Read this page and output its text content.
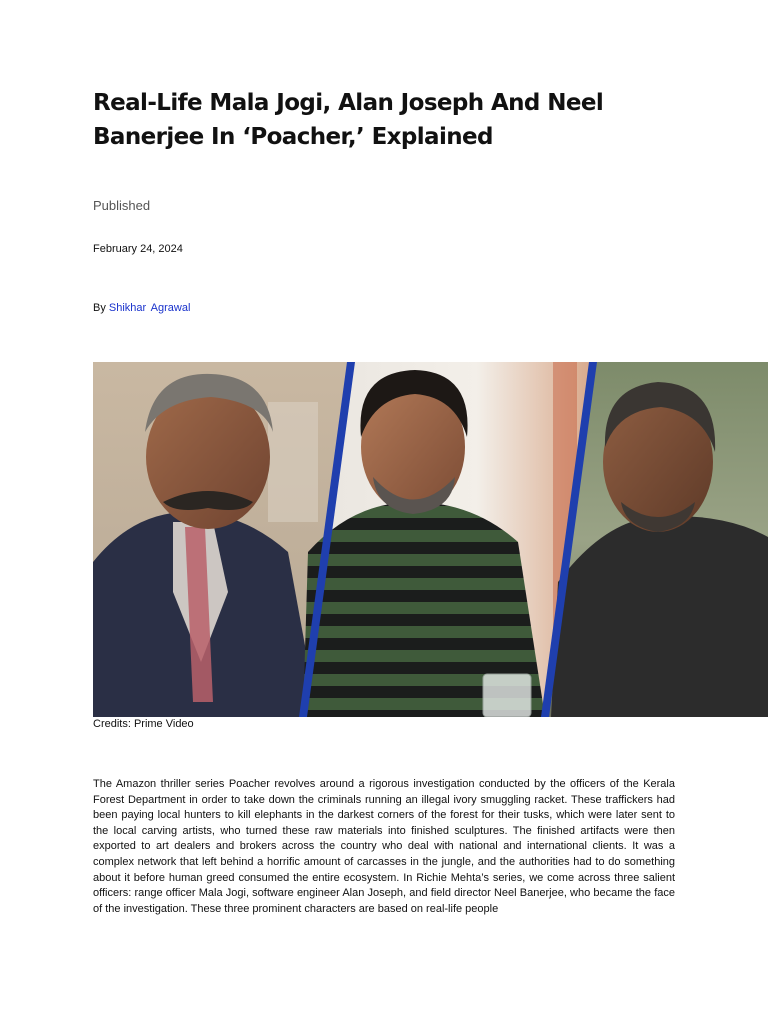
Real-Life Mala Jogi, Alan Joseph And Neel Banerjee In ‘Poacher,’ Explained

Published

February 24, 2024

By Shikhar Agrawal

Credits: Prime Video

The Amazon thriller series Poacher revolves around a rigorous investigation conducted by the officers of the Kerala Forest Department in order to take down the criminals running an illegal ivory smuggling racket. These traffickers had been paying local hunters to kill elephants in the darkest corners of the forest for their tusks, which were later sent to the local carving artists, who turned these raw materials into finished sculptures. The finished artifacts were then exported to art dealers and brokers across the country who deal with national and international clients. It was a complex network that left behind a horrific amount of carcasses in the jungle, and the authorities had to do something about it before human greed consumed the entire ecosystem. In Richie Mehta’s series, we come across three salient officers: range officer Mala Jogi, software engineer Alan Joseph, and field director Neel Banerjee, who became the face of the investigation. These three prominent characters are based on real-life people
